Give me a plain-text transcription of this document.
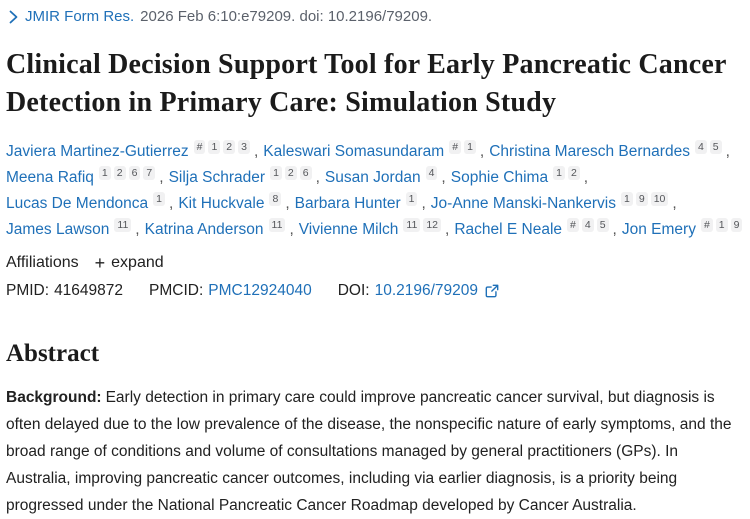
JMIR Form Res. 2026 Feb 6:10:e79209. doi: 10.2196/79209.
Clinical Decision Support Tool for Early Pancreatic Cancer Detection in Primary Care: Simulation Study
Javiera Martinez-Gutierrez # 1 2 3 , Kaleswari Somasundaram # 1 , Christina Maresch Bernardes 4 5 ,
Meena Rafiq 1 2 6 7 , Silja Schrader 1 2 6 , Susan Jordan 4 , Sophie Chima 1 2 ,
Lucas De Mendonca 1 , Kit Huckvale 8 , Barbara Hunter 1 , Jo-Anne Manski-Nankervis 1 9 10 ,
James Lawson 11 , Katrina Anderson 11 , Vivienne Milch 11 12 , Rachel E Neale # 4 5 , Jon Emery # 1 9
Affiliations + expand
PMID: 41649872 PMCID: PMC12924040 DOI: 10.2196/79209
Abstract

Background: Early detection in primary care could improve pancreatic cancer survival, but diagnosis is often delayed due to the low prevalence of the disease, the nonspecific nature of early symptoms, and the broad range of conditions and volume of consultations managed by general practitioners (GPs). In Australia, improving pancreatic cancer outcomes, including via earlier diagnosis, is a priority being progressed under the National Pancreatic Cancer Roadmap developed by Cancer Australia.
